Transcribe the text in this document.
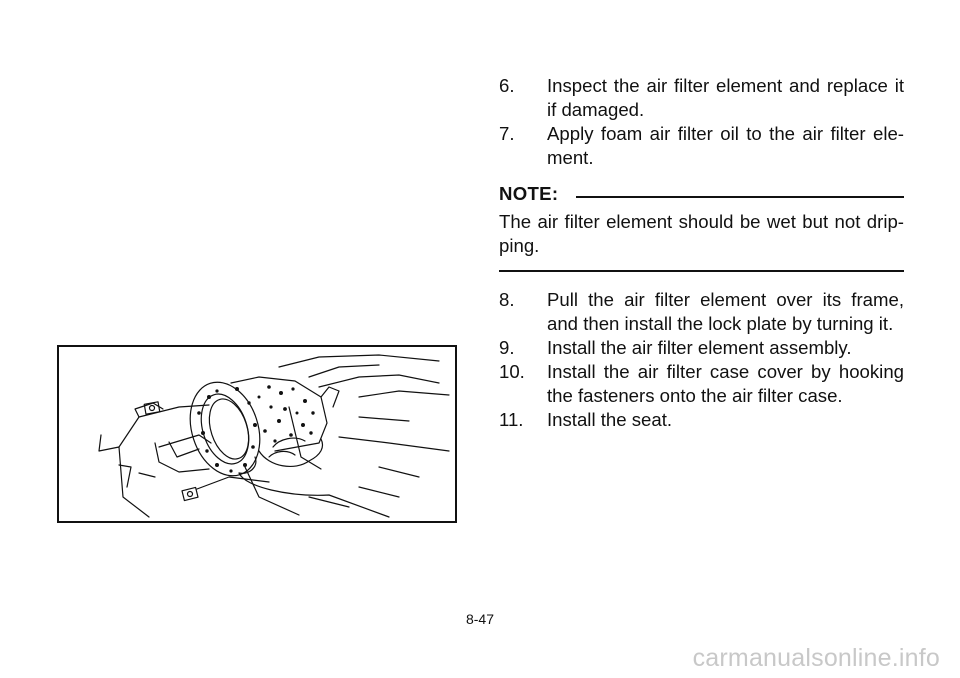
6.	Inspect the air filter element and replace it if damaged.
7.	Apply foam air filter oil to the air filter ele-ment.
NOTE:
The air filter element should be wet but not drip-ping.
8.	Pull the air filter element over its frame, and then install the lock plate by turning it.
9.	Install the air filter element assembly.
10.	Install the air filter case cover by hooking the fasteners onto the air filter case.
11.	Install the seat.
8-47
carmanualsonline.info
